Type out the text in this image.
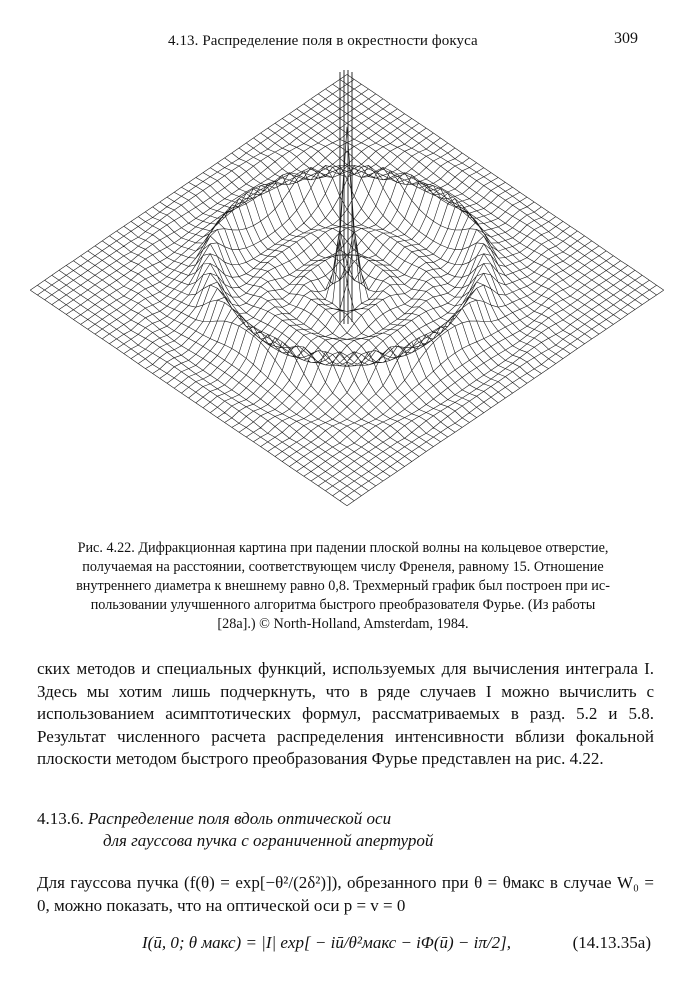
4.13. Распределение поля в окрестности фокуса	309
Рис. 4.22. Дифракционная картина при падении плоской волны на кольцевое отверстие,
получаемая на расстоянии, соответствующем числу Френеля, равному 15. Отношение
внутреннего диаметра к внешнему равно 0,8. Трехмерный график был построен при ис-
пользовании улучшенного алгоритма быстрого преобразователя Фурье. (Из работы
[28a].) © North-Holland, Amsterdam, 1984.
ских методов и специальных функций, используемых для вычисления интеграла I. Здесь мы хотим лишь подчеркнуть, что в ряде случаев I можно вычислить с использованием асимптотических формул, рассматриваемых в разд. 5.2 и 5.8. Результат численного расчета распределения интенсивности вблизи фокальной плоскости методом быстрого преобразования Фурье представлен на рис. 4.22.
4.13.6. Распределение поля вдоль оптической оси
для гауссова пучка с ограниченной апертурой
Для гауссова пучка (f(θ) = exp[−θ²/(2δ²)]), обрезанного при θ = θмакс в случае W₀ = 0, можно показать, что на оптической оси p = v = 0
I(ū, 0; θ макс) = |I| exp[ − iū/θ²макс − iΦ(ū) − iπ/2],	(14.13.35a)
